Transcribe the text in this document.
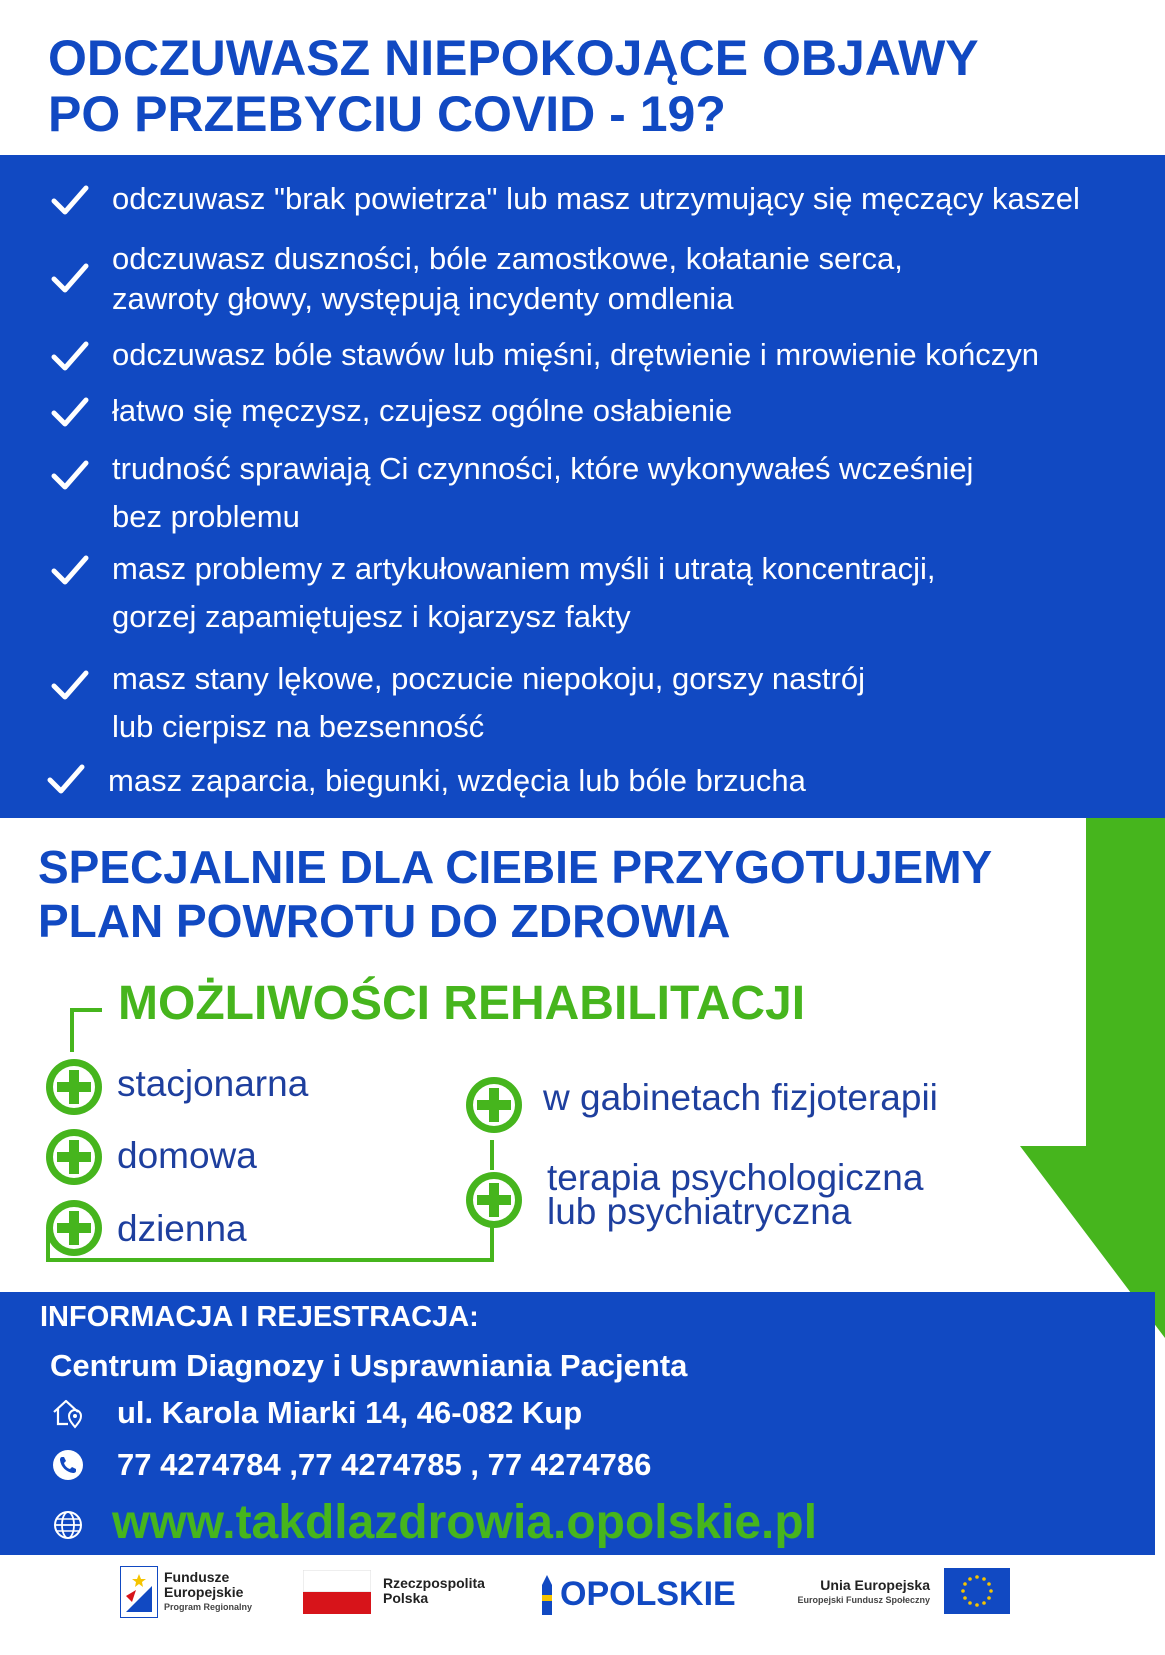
ODCZUWASZ NIEPOKOJĄCE OBJAWY
PO PRZEBYCIU COVID - 19?
odczuwasz "brak powietrza" lub masz utrzymujący się męczący kaszel
odczuwasz duszności, bóle zamostkowe, kołatanie serca,
zawroty głowy, występują incydenty omdlenia
odczuwasz bóle stawów lub mięśni, drętwienie i mrowienie kończyn
łatwo się męczysz, czujesz ogólne osłabienie
trudność sprawiają Ci czynności, które wykonywałeś wcześniej
bez problemu
masz problemy z artykułowaniem myśli i utratą koncentracji,
gorzej zapamiętujesz i kojarzysz fakty
masz stany lękowe, poczucie niepokoju, gorszy nastrój
lub cierpisz na bezsenność
masz zaparcia, biegunki, wzdęcia lub bóle brzucha
SPECJALNIE DLA CIEBIE PRZYGOTUJEMY
PLAN POWROTU DO ZDROWIA
MOŻLIWOŚCI REHABILITACJI
stacjonarna
domowa
dzienna
w gabinetach fizjoterapii
terapia psychologiczna
lub psychiatryczna
INFORMACJA I REJESTRACJA:
Centrum Diagnozy i Usprawniania Pacjenta
ul. Karola Miarki 14, 46-082 Kup
77 4274784 ,77 4274785 , 77 4274786
www.takdlazdrowia.opolskie.pl
Fundusze
Europejskie
Program Regionalny
Rzeczpospolita
Polska	OPOLSKIE	Unia Europejska
Europejski Fundusz Społeczny
